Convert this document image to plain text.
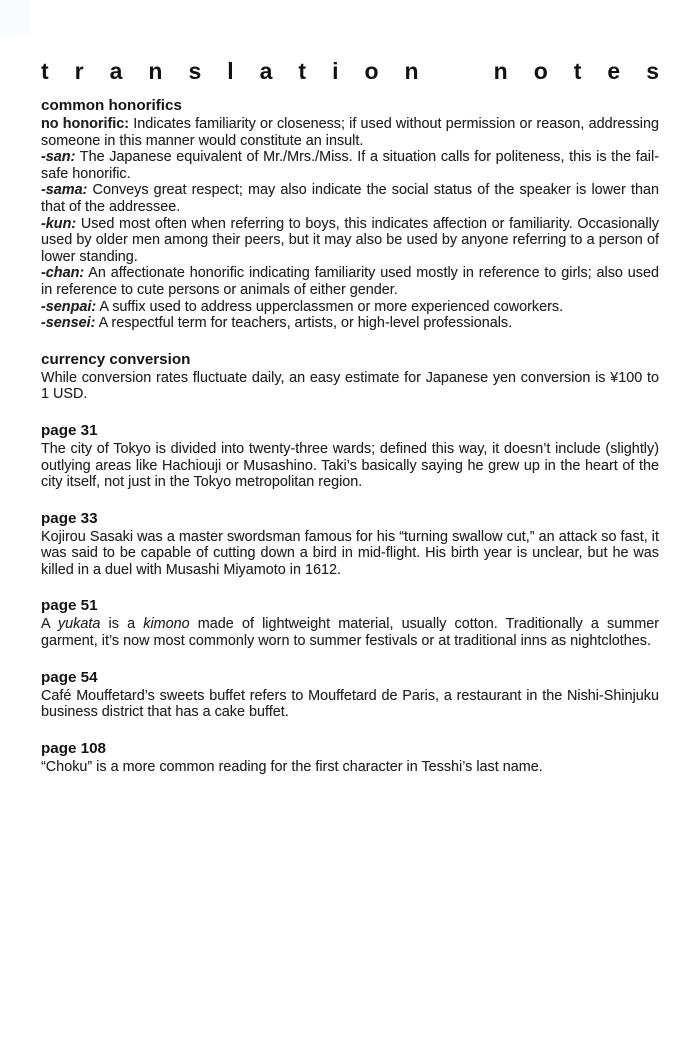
translation notes
common honorifics

no honorific: Indicates familiarity or closeness; if used without permission or reason, addressing someone in this manner would constitute an insult.

-san: The Japanese equivalent of Mr./Mrs./Miss. If a situation calls for politeness, this is the fail-safe honorific.

-sama: Conveys great respect; may also indicate the social status of the speaker is lower than that of the addressee.

-kun: Used most often when referring to boys, this indicates affection or familiarity. Occasionally used by older men among their peers, but it may also be used by anyone referring to a person of lower standing.

-chan: An affectionate honorific indicating familiarity used mostly in reference to girls; also used in reference to cute persons or animals of either gender.

-senpai: A suffix used to address upperclassmen or more experienced coworkers.

-sensei: A respectful term for teachers, artists, or high-level professionals.

currency conversion

While conversion rates fluctuate daily, an easy estimate for Japanese yen conversion is ¥100 to 1 USD.

page 31

The city of Tokyo is divided into twenty-three wards; defined this way, it doesn’t include (slightly) outlying areas like Hachiouji or Musashino. Taki’s basically saying he grew up in the heart of the city itself, not just in the Tokyo metropolitan region.

page 33

Kojirou Sasaki was a master swordsman famous for his “turning swallow cut,” an attack so fast, it was said to be capable of cutting down a bird in mid-flight. His birth year is unclear, but he was killed in a duel with Musashi Miyamoto in 1612.

page 51

A yukata is a kimono made of lightweight material, usually cotton. Traditionally a summer garment, it’s now most commonly worn to summer festivals or at traditional inns as nightclothes.

page 54

Café Mouffetard’s sweets buffet refers to Mouffetard de Paris, a restaurant in the Nishi-Shinjuku business district that has a cake buffet.

page 108

“Choku” is a more common reading for the first character in Tesshi’s last name.
